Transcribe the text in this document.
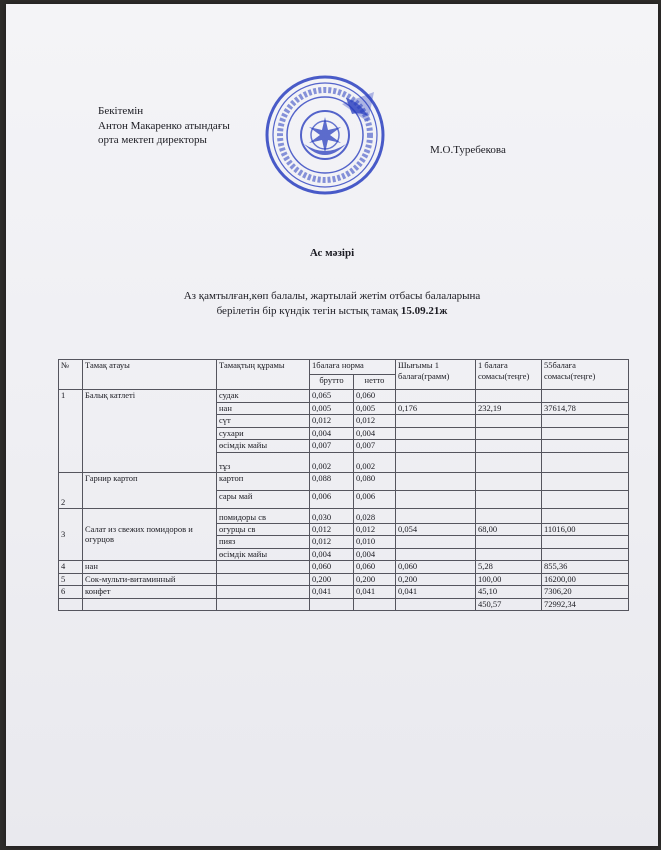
Бекітемін
Антон Макаренко атындағы
орта мектеп директоры
М.О.Туребекова
Ас мәзірі
Аз қамтылған,көп балалы, жартылай жетім отбасы балаларына
берілетін бір күндік тегін ыстық тамақ 15.09.21ж
№	Тамақ атауы	Тамақтың құрамы	1балаға норма		Шығымы 1 балаға(грамм)	1 балаға сомасы(теңге)	55балаға сомасы(теңге)
			брутто	нетто			
1	Балық катлеті	судак	0,065	0,060			
		нан	0,005	0,005	0,176	232,19	37614,78
		сүт	0,012	0,012			
		сухари	0,004	0,004			
		өсімдік майы	0,007	0,007			
		тұз	0,002	0,002			
2	Гарнир картоп	картоп	0,088	0,080			
		сары май	0,006	0,006			
3	Салат из свежих помидоров и огурцов	помидоры св	0,030	0,028			
		огурцы св	0,012	0,012	0,054	68,00	11016,00
		пияз	0,012	0,010			
		өсімдік майы	0,004	0,004			
4	нан		0,060	0,060	0,060	5,28	855,36
5	Сок-мульти-витаминный		0,200	0,200	0,200	100,00	16200,00
6	конфет		0,041	0,041	0,041	45,10	7306,20
						450,57	72992,34
